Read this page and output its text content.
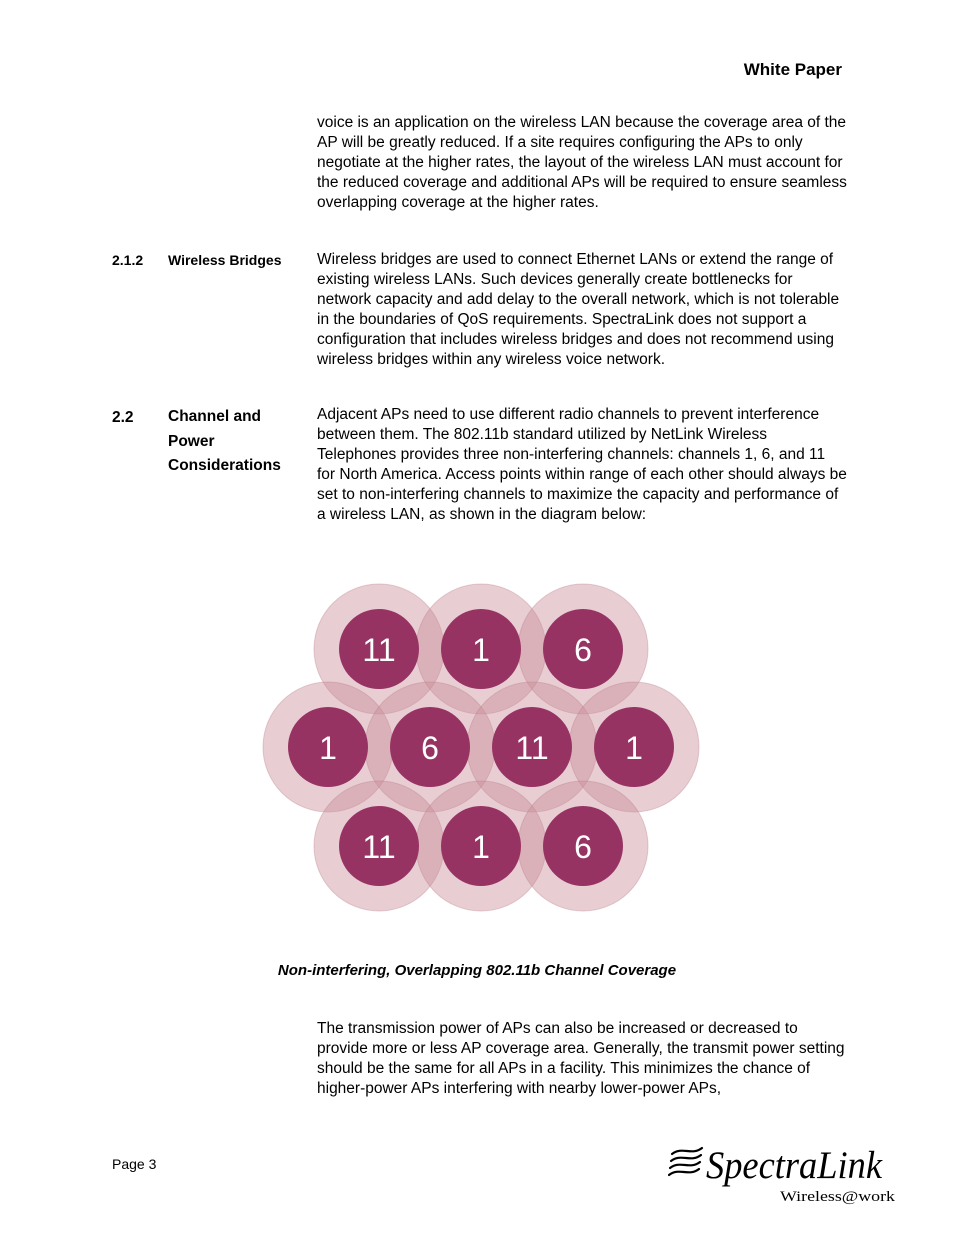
White Paper

voice is an application on the wireless LAN because the coverage area of the AP will be greatly reduced. If a site requires configuring the APs to only negotiate at the higher rates, the layout of the wireless LAN must account for the reduced coverage and additional APs will be required to ensure seamless overlapping coverage at the higher rates.

2.1.2 Wireless Bridges Wireless bridges are used to connect Ethernet LANs or extend the range of existing wireless LANs. Such devices generally create bottlenecks for network capacity and add delay to the overall network, which is not tolerable in the boundaries of QoS requirements. SpectraLink does not support a configuration that includes wireless bridges and does not recommend using wireless bridges within any wireless voice network.

2.2 Channel and Power Considerations

Adjacent APs need to use different radio channels to prevent interference between them. The 802.11b standard utilized by NetLink Wireless Telephones provides three non-interfering channels: channels 1, 6, and 11 for North America. Access points within range of each other should always be set to non-interfering channels to maximize the capacity and performance of a wireless LAN, as shown in the diagram below:

11 1	6
1	6 11 1
11 1	6
Non-interfering, Overlapping 802.11b Channel Coverage

The transmission power of APs can also be increased or decreased to provide more or less AP coverage area. Generally, the transmit power setting should be the same for all APs in a facility. This minimizes the chance of higher-power APs interfering with nearby lower-power APs,

Page 3	SpectraLink
Wireless@work
